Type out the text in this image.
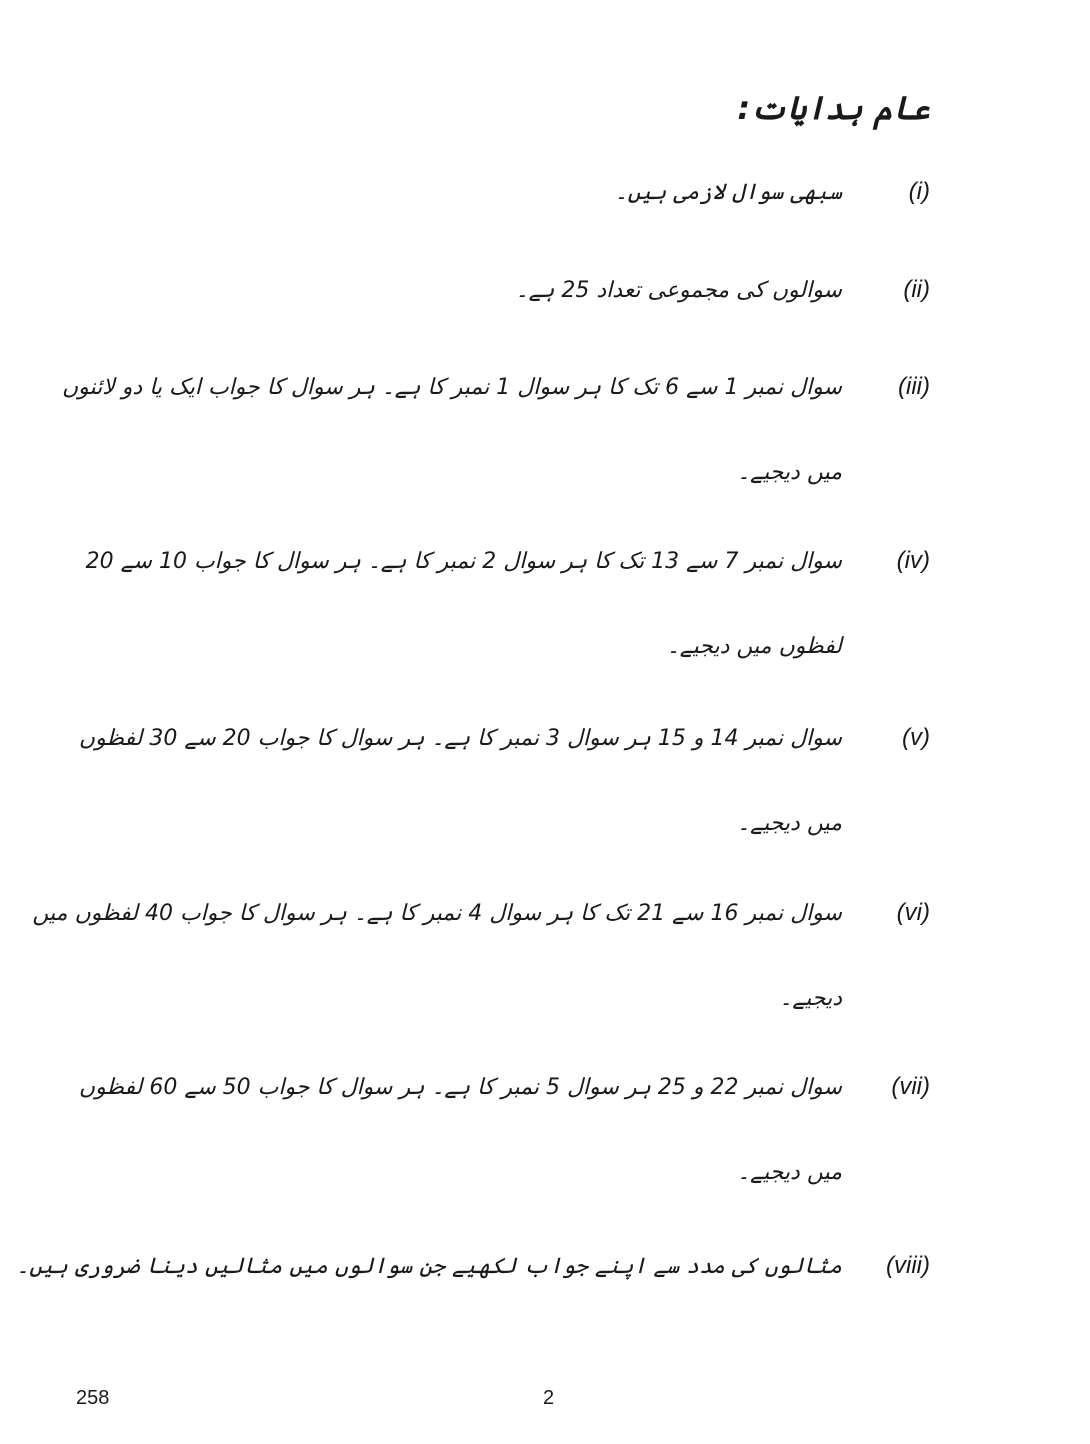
عام ہدایات:
(i)
سبھی سوال لازمی ہیں۔
(ii)
سوالوں کی مجموعی تعداد 25 ہے۔
(iii)
سوال نمبر 1 سے 6 تک کا ہر سوال 1 نمبر کا ہے۔ ہر سوال کا جواب ایک یا دو لائنوں
میں دیجیے۔
(iv)
سوال نمبر 7 سے 13 تک کا ہر سوال 2 نمبر کا ہے۔ ہر سوال کا جواب 10 سے 20
لفظوں میں دیجیے۔
(v)
سوال نمبر 14 و 15 ہر سوال 3 نمبر کا ہے۔ ہر سوال کا جواب 20 سے 30 لفظوں
میں دیجیے۔
(vi)
سوال نمبر 16 سے 21 تک کا ہر سوال 4 نمبر کا ہے۔ ہر سوال کا جواب 40 لفظوں میں
دیجیے۔
(vii)
سوال نمبر 22 و 25 ہر سوال 5 نمبر کا ہے۔ ہر سوال کا جواب 50 سے 60 لفظوں
میں دیجیے۔
(viii)
مثالوں کی مدد سے اپنے جواب لکھیے جن سوالوں میں مثالیں دینا ضروری ہیں۔
258	2
